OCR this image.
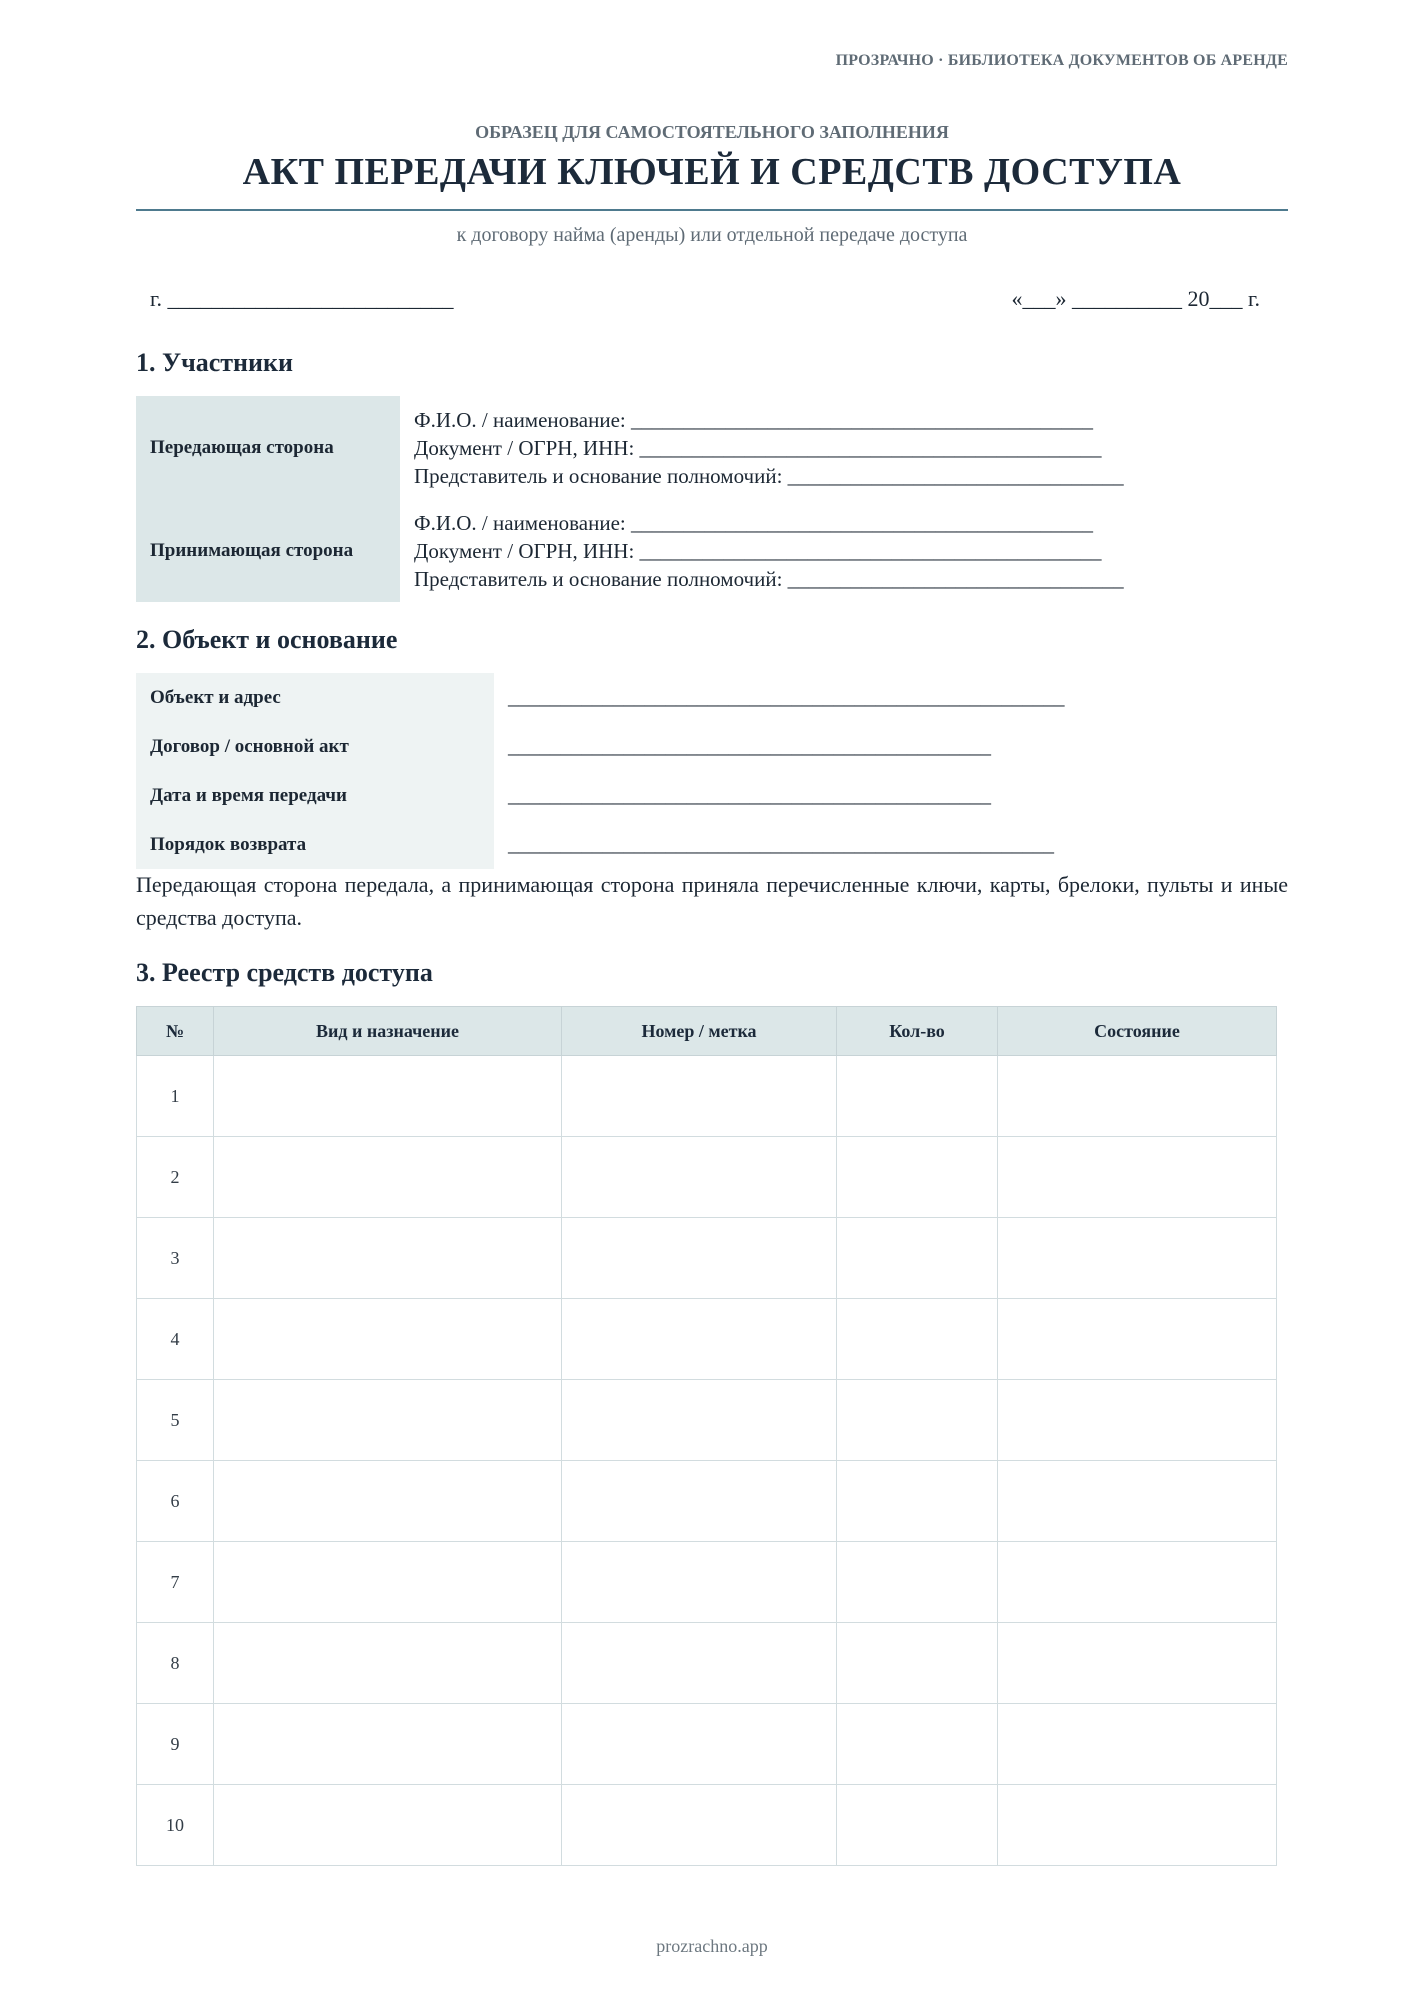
ПРОЗРАЧНО · БИБЛИОТЕКА ДОКУМЕНТОВ ОБ АРЕНДЕ
ОБРАЗЕЦ ДЛЯ САМОСТОЯТЕЛЬНОГО ЗАПОЛНЕНИЯ
АКТ ПЕРЕДАЧИ КЛЮЧЕЙ И СРЕДСТВ ДОСТУПА
к договору найма (аренды) или отдельной передаче доступа
г. __________________________	«___» __________ 20___ г.
1. Участники
Передающая сторона
Ф.И.О. / наименование: ____________________________________________
Документ / ОГРН, ИНН: ____________________________________________
Представитель и основание полномочий: ________________________________
Принимающая сторона
Ф.И.О. / наименование: ____________________________________________
Документ / ОГРН, ИНН: ____________________________________________
Представитель и основание полномочий: ________________________________
2. Объект и основание
Объект и адрес	_____________________________________________________
Договор / основной акт	______________________________________________
Дата и время передачи	______________________________________________
Порядок возврата	____________________________________________________
Передающая сторона передала, а принимающая сторона приняла перечисленные ключи, карты, брелоки, пульты и иные средства доступа.
3. Реестр средств доступа
№	Вид и назначение	Номер / метка	Кол-во	Состояние
1				
2				
3				
4				
5				
6				
7				
8				
9				
10				
prozrachno.app
